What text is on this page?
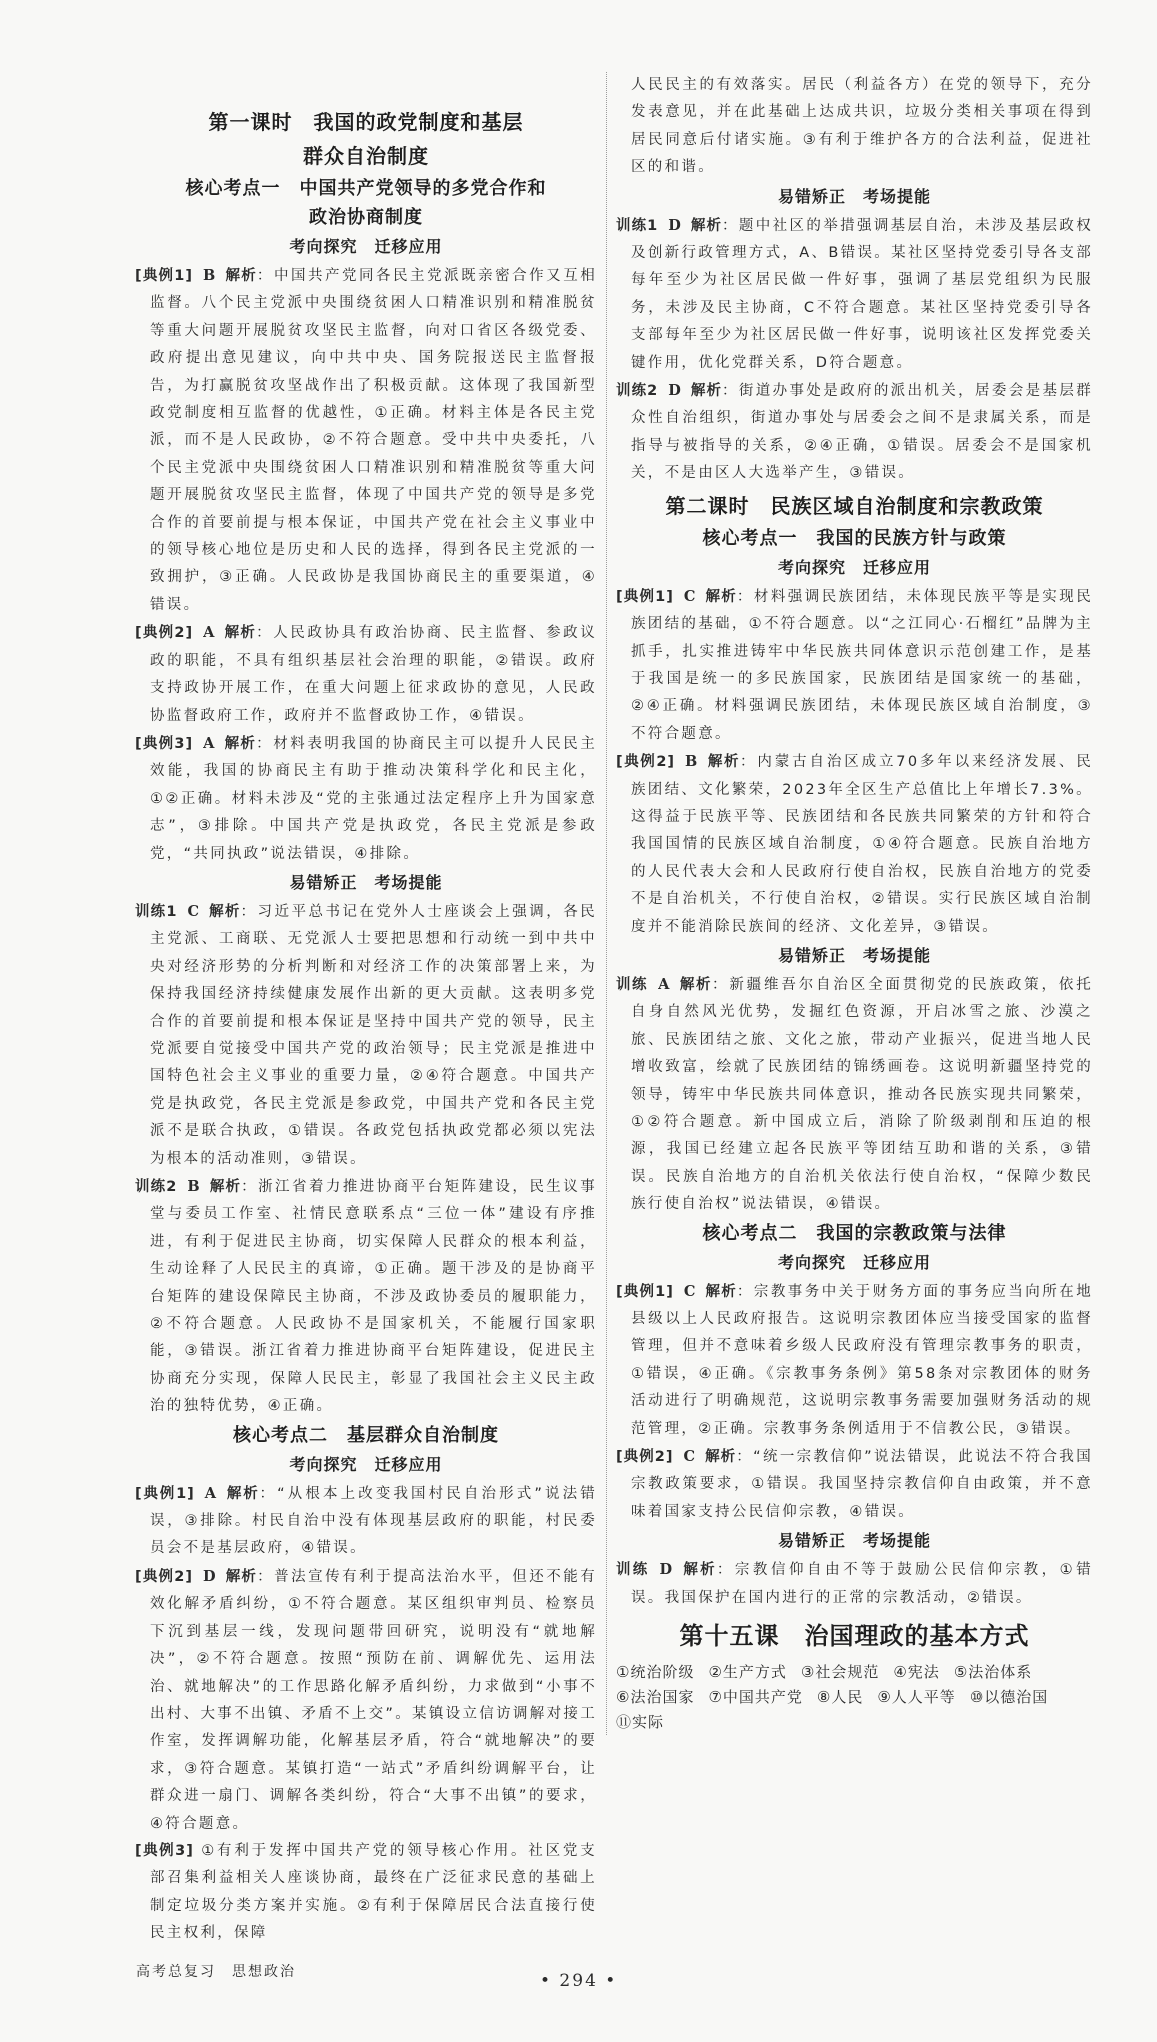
第一课时　我国的政党制度和基层
群众自治制度
核心考点一　中国共产党领导的多党合作和
政治协商制度
考向探究　迁移应用
[典例1] B 解析：中国共产党同各民主党派既亲密合作又互相监督。八个民主党派中央围绕贫困人口精准识别和精准脱贫等重大问题开展脱贫攻坚民主监督，向对口省区各级党委、政府提出意见建议，向中共中央、国务院报送民主监督报告，为打赢脱贫攻坚战作出了积极贡献。这体现了我国新型政党制度相互监督的优越性，①正确。材料主体是各民主党派，而不是人民政协，②不符合题意。受中共中央委托，八个民主党派中央围绕贫困人口精准识别和精准脱贫等重大问题开展脱贫攻坚民主监督，体现了中国共产党的领导是多党合作的首要前提与根本保证，中国共产党在社会主义事业中的领导核心地位是历史和人民的选择，得到各民主党派的一致拥护，③正确。人民政协是我国协商民主的重要渠道，④错误。
[典例2] A 解析：人民政协具有政治协商、民主监督、参政议政的职能，不具有组织基层社会治理的职能，②错误。政府支持政协开展工作，在重大问题上征求政协的意见，人民政协监督政府工作，政府并不监督政协工作，④错误。
[典例3] A 解析：材料表明我国的协商民主可以提升人民民主效能，我国的协商民主有助于推动决策科学化和民主化，①②正确。材料未涉及“党的主张通过法定程序上升为国家意志”，③排除。中国共产党是执政党，各民主党派是参政党，“共同执政”说法错误，④排除。
易错矫正　考场提能
训练1 C 解析：习近平总书记在党外人士座谈会上强调，各民主党派、工商联、无党派人士要把思想和行动统一到中共中央对经济形势的分析判断和对经济工作的决策部署上来，为保持我国经济持续健康发展作出新的更大贡献。这表明多党合作的首要前提和根本保证是坚持中国共产党的领导，民主党派要自觉接受中国共产党的政治领导；民主党派是推进中国特色社会主义事业的重要力量，②④符合题意。中国共产党是执政党，各民主党派是参政党，中国共产党和各民主党派不是联合执政，①错误。各政党包括执政党都必须以宪法为根本的活动准则，③错误。
训练2 B 解析：浙江省着力推进协商平台矩阵建设，民生议事堂与委员工作室、社情民意联系点“三位一体”建设有序推进，有利于促进民主协商，切实保障人民群众的根本利益，生动诠释了人民民主的真谛，①正确。题干涉及的是协商平台矩阵的建设保障民主协商，不涉及政协委员的履职能力，②不符合题意。人民政协不是国家机关，不能履行国家职能，③错误。浙江省着力推进协商平台矩阵建设，促进民主协商充分实现，保障人民民主，彰显了我国社会主义民主政治的独特优势，④正确。
核心考点二　基层群众自治制度
考向探究　迁移应用
[典例1] A 解析：“从根本上改变我国村民自治形式”说法错误，③排除。村民自治中没有体现基层政府的职能，村民委员会不是基层政府，④错误。
[典例2] D 解析：普法宣传有利于提高法治水平，但还不能有效化解矛盾纠纷，①不符合题意。某区组织审判员、检察员下沉到基层一线，发现问题带回研究，说明没有“就地解决”，②不符合题意。按照“预防在前、调解优先、运用法治、就地解决”的工作思路化解矛盾纠纷，力求做到“小事不出村、大事不出镇、矛盾不上交”。某镇设立信访调解对接工作室，发挥调解功能，化解基层矛盾，符合“就地解决”的要求，③符合题意。某镇打造“一站式”矛盾纠纷调解平台，让群众进一扇门、调解各类纠纷，符合“大事不出镇”的要求，④符合题意。
[典例3] ①有利于发挥中国共产党的领导核心作用。社区党支部召集利益相关人座谈协商，最终在广泛征求民意的基础上制定垃圾分类方案并实施。②有利于保障居民合法直接行使民主权利，保障
人民民主的有效落实。居民（利益各方）在党的领导下，充分发表意见，并在此基础上达成共识，垃圾分类相关事项在得到居民同意后付诸实施。③有利于维护各方的合法利益，促进社区的和谐。
易错矫正　考场提能
训练1 D 解析：题中社区的举措强调基层自治，未涉及基层政权及创新行政管理方式，A、B错误。某社区坚持党委引导各支部每年至少为社区居民做一件好事，强调了基层党组织为民服务，未涉及民主协商，C不符合题意。某社区坚持党委引导各支部每年至少为社区居民做一件好事，说明该社区发挥党委关键作用，优化党群关系，D符合题意。
训练2 D 解析：街道办事处是政府的派出机关，居委会是基层群众性自治组织，街道办事处与居委会之间不是隶属关系，而是指导与被指导的关系，②④正确，①错误。居委会不是国家机关，不是由区人大选举产生，③错误。
第二课时　民族区域自治制度和宗教政策
核心考点一　我国的民族方针与政策
考向探究　迁移应用
[典例1] C 解析：材料强调民族团结，未体现民族平等是实现民族团结的基础，①不符合题意。以“之江同心·石榴红”品牌为主抓手，扎实推进铸牢中华民族共同体意识示范创建工作，是基于我国是统一的多民族国家，民族团结是国家统一的基础，②④正确。材料强调民族团结，未体现民族区域自治制度，③不符合题意。
[典例2] B 解析：内蒙古自治区成立70多年以来经济发展、民族团结、文化繁荣，2023年全区生产总值比上年增长7.3%。这得益于民族平等、民族团结和各民族共同繁荣的方针和符合我国国情的民族区域自治制度，①④符合题意。民族自治地方的人民代表大会和人民政府行使自治权，民族自治地方的党委不是自治机关，不行使自治权，②错误。实行民族区域自治制度并不能消除民族间的经济、文化差异，③错误。
易错矫正　考场提能
训练 A 解析：新疆维吾尔自治区全面贯彻党的民族政策，依托自身自然风光优势，发掘红色资源，开启冰雪之旅、沙漠之旅、民族团结之旅、文化之旅，带动产业振兴，促进当地人民增收致富，绘就了民族团结的锦绣画卷。这说明新疆坚持党的领导，铸牢中华民族共同体意识，推动各民族实现共同繁荣，①②符合题意。新中国成立后，消除了阶级剥削和压迫的根源，我国已经建立起各民族平等团结互助和谐的关系，③错误。民族自治地方的自治机关依法行使自治权，“保障少数民族行使自治权”说法错误，④错误。
核心考点二　我国的宗教政策与法律
考向探究　迁移应用
[典例1] C 解析：宗教事务中关于财务方面的事务应当向所在地县级以上人民政府报告。这说明宗教团体应当接受国家的监督管理，但并不意味着乡级人民政府没有管理宗教事务的职责，①错误，④正确。《宗教事务条例》第58条对宗教团体的财务活动进行了明确规范，这说明宗教事务需要加强财务活动的规范管理，②正确。宗教事务条例适用于不信教公民，③错误。
[典例2] C 解析：“统一宗教信仰”说法错误，此说法不符合我国宗教政策要求，①错误。我国坚持宗教信仰自由政策，并不意味着国家支持公民信仰宗教，④错误。
易错矫正　考场提能
训练 D 解析：宗教信仰自由不等于鼓励公民信仰宗教，①错误。我国保护在国内进行的正常的宗教活动，②错误。
第十五课　治国理政的基本方式
①统治阶级 ②生产方式 ③社会规范 ④宪法 ⑤法治体系⑥法治国家 ⑦中国共产党 ⑧人民 ⑨人人平等 ⑩以德治国⑪实际
高考总复习　思想政治	• 294 •
